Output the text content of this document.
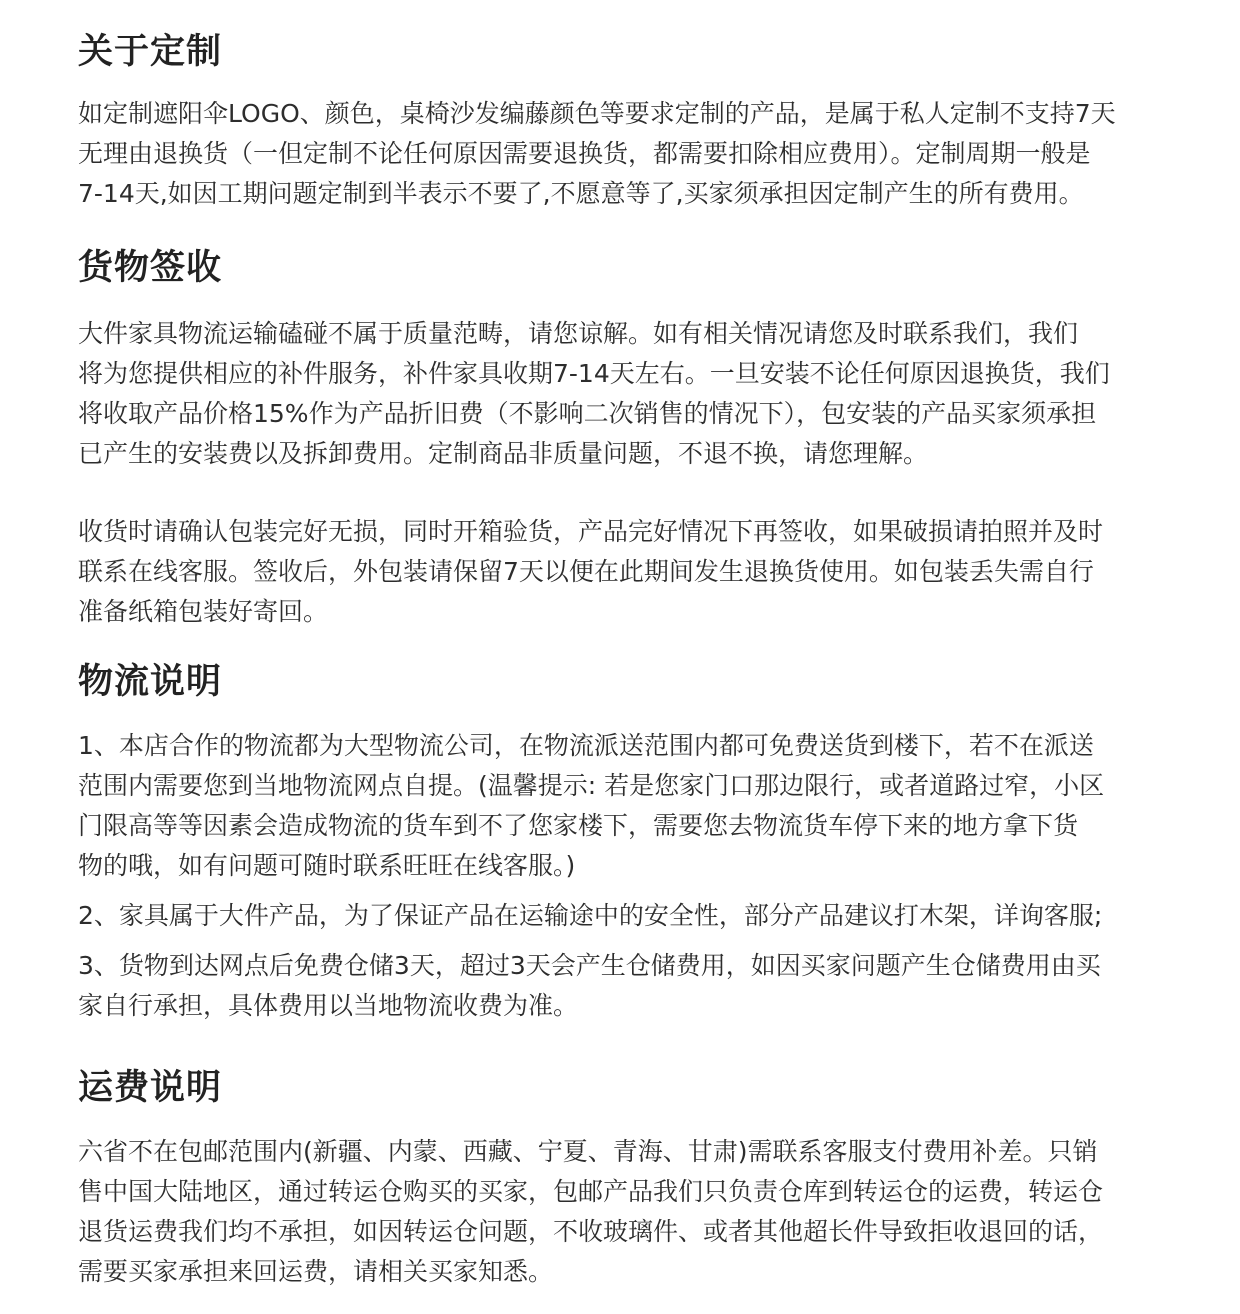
关于定制

如定制遮阳伞LOGO、颜色，桌椅沙发编藤颜色等要求定制的产品，是属于私人定制不支持7天
无理由退换货（一但定制不论任何原因需要退换货，都需要扣除相应费用）。定制周期一般是
7-14天,如因工期问题定制到半表示不要了,不愿意等了,买家须承担因定制产生的所有费用。

货物签收

大件家具物流运输磕碰不属于质量范畴，请您谅解。如有相关情况请您及时联系我们，我们
将为您提供相应的补件服务，补件家具收期7-14天左右。一旦安装不论任何原因退换货，我们
将收取产品价格15%作为产品折旧费（不影响二次销售的情况下），包安装的产品买家须承担
已产生的安装费以及拆卸费用。定制商品非质量问题，不退不换，请您理解。

收货时请确认包装完好无损，同时开箱验货，产品完好情况下再签收，如果破损请拍照并及时
联系在线客服。签收后，外包装请保留7天以便在此期间发生退换货使用。如包装丢失需自行
准备纸箱包装好寄回。

物流说明

1、本店合作的物流都为大型物流公司，在物流派送范围内都可免费送货到楼下，若不在派送
范围内需要您到当地物流网点自提。(温馨提示: 若是您家门口那边限行，或者道路过窄，小区
门限高等等因素会造成物流的货车到不了您家楼下，需要您去物流货车停下来的地方拿下货
物的哦，如有问题可随时联系旺旺在线客服。)

2、家具属于大件产品，为了保证产品在运输途中的安全性，部分产品建议打木架，详询客服;

3、货物到达网点后免费仓储3天，超过3天会产生仓储费用，如因买家问题产生仓储费用由买
家自行承担，具体费用以当地物流收费为准。

运费说明

六省不在包邮范围内(新疆、内蒙、西藏、宁夏、青海、甘肃)需联系客服支付费用补差。只销
售中国大陆地区，通过转运仓购买的买家，包邮产品我们只负责仓库到转运仓的运费，转运仓
退货运费我们均不承担，如因转运仓问题，不收玻璃件、或者其他超长件导致拒收退回的话，
需要买家承担来回运费，请相关买家知悉。
